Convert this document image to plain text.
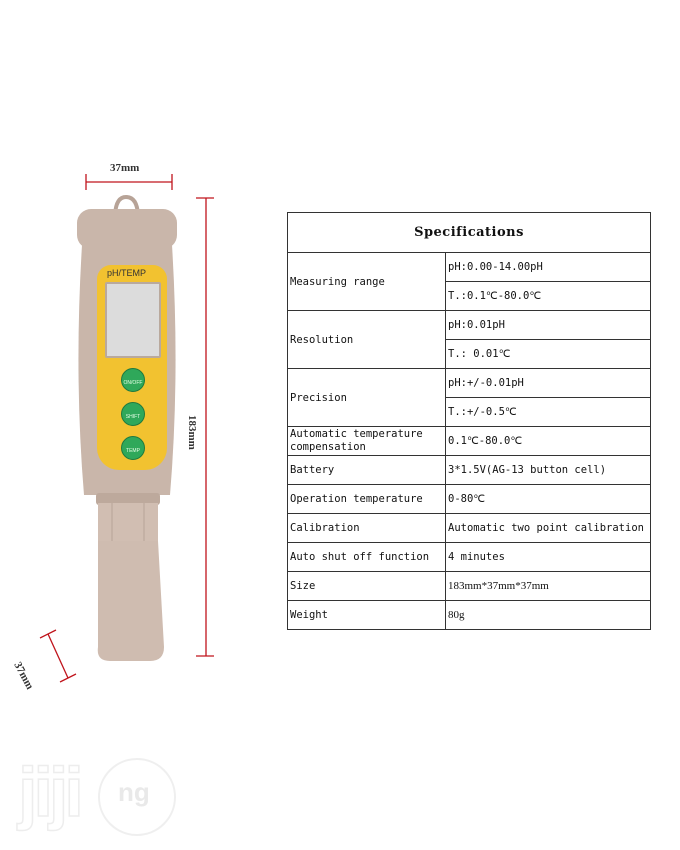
37mm
183mm
37mm
pH/TEMP
ON/OFF
SHIFT
TEMP
Specifications	
Measuring range	pH:0.00-14.00pH
	T.:0.1℃-80.0℃
Resolution	pH:0.01pH
	T.: 0.01℃
Precision	pH:+/-0.01pH
	T.:+/-0.5℃
Automatic temperature compensation	0.1℃-80.0℃
Battery	3*1.5V(AG-13 button cell)
Operation temperature	0-80℃
Calibration	Automatic two point calibration
Auto shut off function	4 minutes
Size	183mm*37mm*37mm
Weight	80g
jiji ng
